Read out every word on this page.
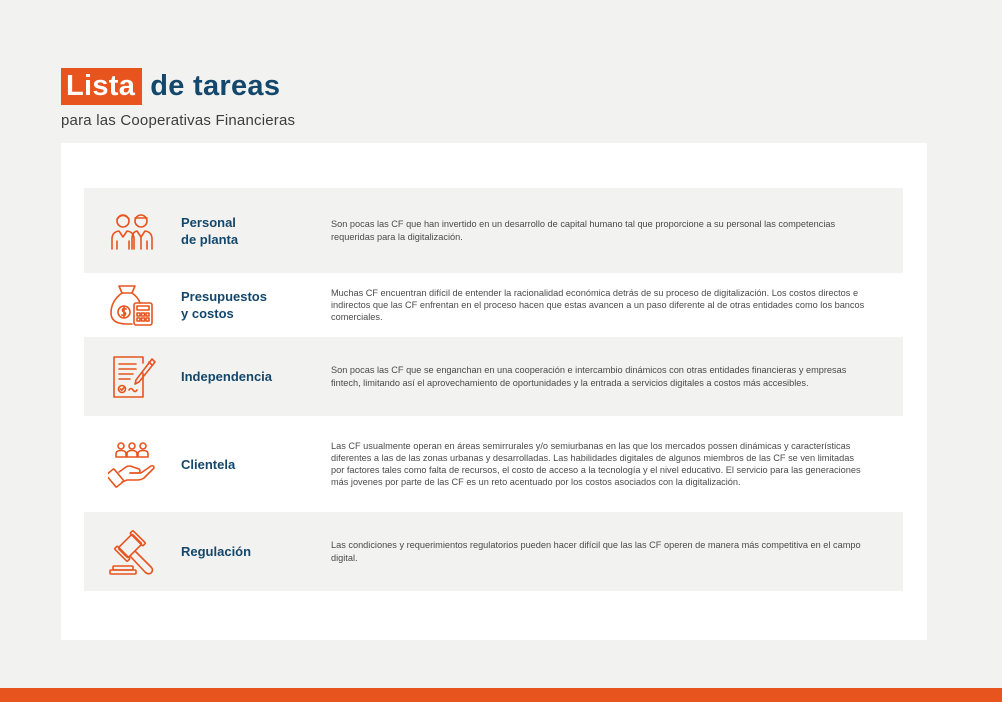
Lista de tareas
para las Cooperativas Financieras
Personal
de planta
Son pocas las CF que han invertido en un desarrollo de capital humano tal que proporcione a su personal las competencias requeridas para la digitalización.
Presupuestos
y costos
Muchas CF encuentran difícil de entender la racionalidad económica detrás de su proceso de digitalización. Los costos directos e indirectos que las CF enfrentan en el proceso hacen que estas avancen a un paso diferente al de otras entidades como los bancos comerciales.
Independencia	Son pocas las CF que se enganchan en una cooperación e intercambio dinámicos con otras entidades financieras y empresas fintech, limitando así el aprovechamiento de oportunidades y la entrada a servicios digitales a costos más accesibles.
Clientela
Las CF usualmente operan en áreas semirrurales y/o semiurbanas en las que los mercados possen dinámicas y características diferentes a las de las zonas urbanas y desarrolladas. Las habilidades digitales de algunos miembros de las CF se ven limitadas por factores tales como falta de recursos, el costo de acceso a la tecnología y el nivel educativo. El servicio para las generaciones más jovenes por parte de las CF es un reto acentuado por los costos asociados con la digitalización.
Regulación	Las condiciones y requerimientos regulatorios pueden hacer difícil que las las CF operen de manera más competitiva en el campo digital.
